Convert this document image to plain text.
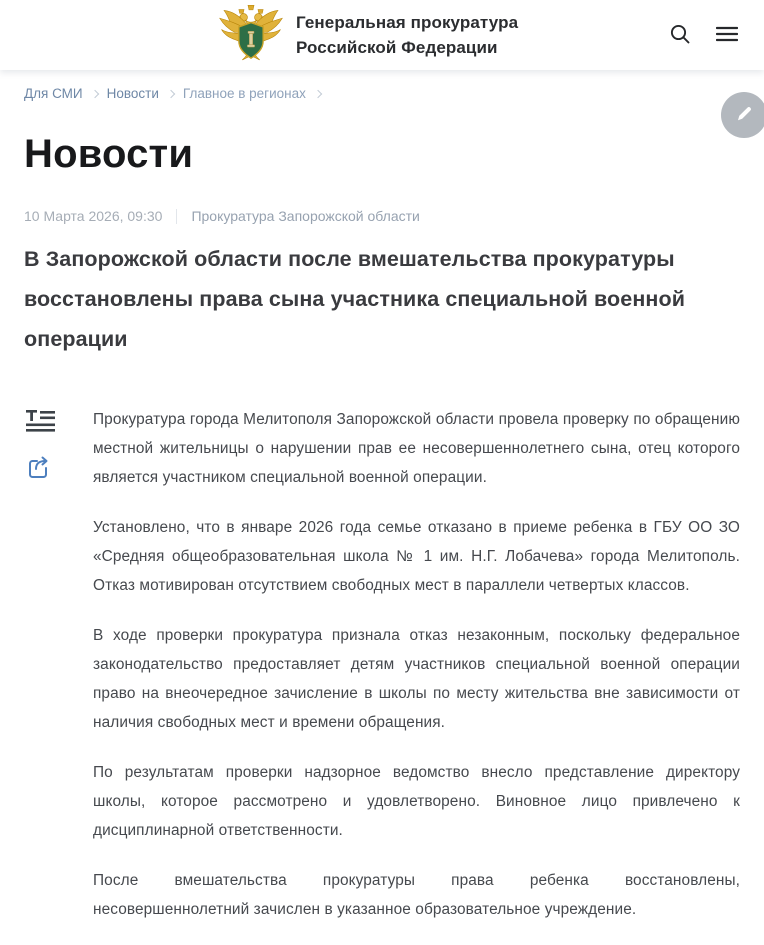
Генеральная прокуратура
Российской Федерации
Для СМИ Новости Главное в регионах
Новости
10 Марта 2026, 09:30 Прокуратура Запорожской области
В Запорожской области после вмешательства прокуратуры восстановлены права сына участника специальной военной операции

Прокуратура города Мелитополя Запорожской области провела проверку по обращению местной жительницы о нарушении прав ее несовершеннолетнего сына, отец которого является участником специальной военной операции.

Установлено, что в январе 2026 года семье отказано в приеме ребенка в ГБУ ОО ЗО «Средняя общеобразовательная школа № 1 им. Н.Г. Лобачева» города Мелитополь. Отказ мотивирован отсутствием свободных мест в параллели четвертых классов.

В ходе проверки прокуратура признала отказ незаконным, поскольку федеральное законодательство предоставляет детям участников специальной военной операции право на внеочередное зачисление в школы по месту жительства вне зависимости от наличия свободных мест и времени обращения.

По результатам проверки надзорное ведомство внесло представление директору школы, которое рассмотрено и удовлетворено. Виновное лицо привлечено к дисциплинарной ответственности.

После вмешательства прокуратуры права ребенка восстановлены, несовершеннолетний зачислен в указанное образовательное учреждение.
